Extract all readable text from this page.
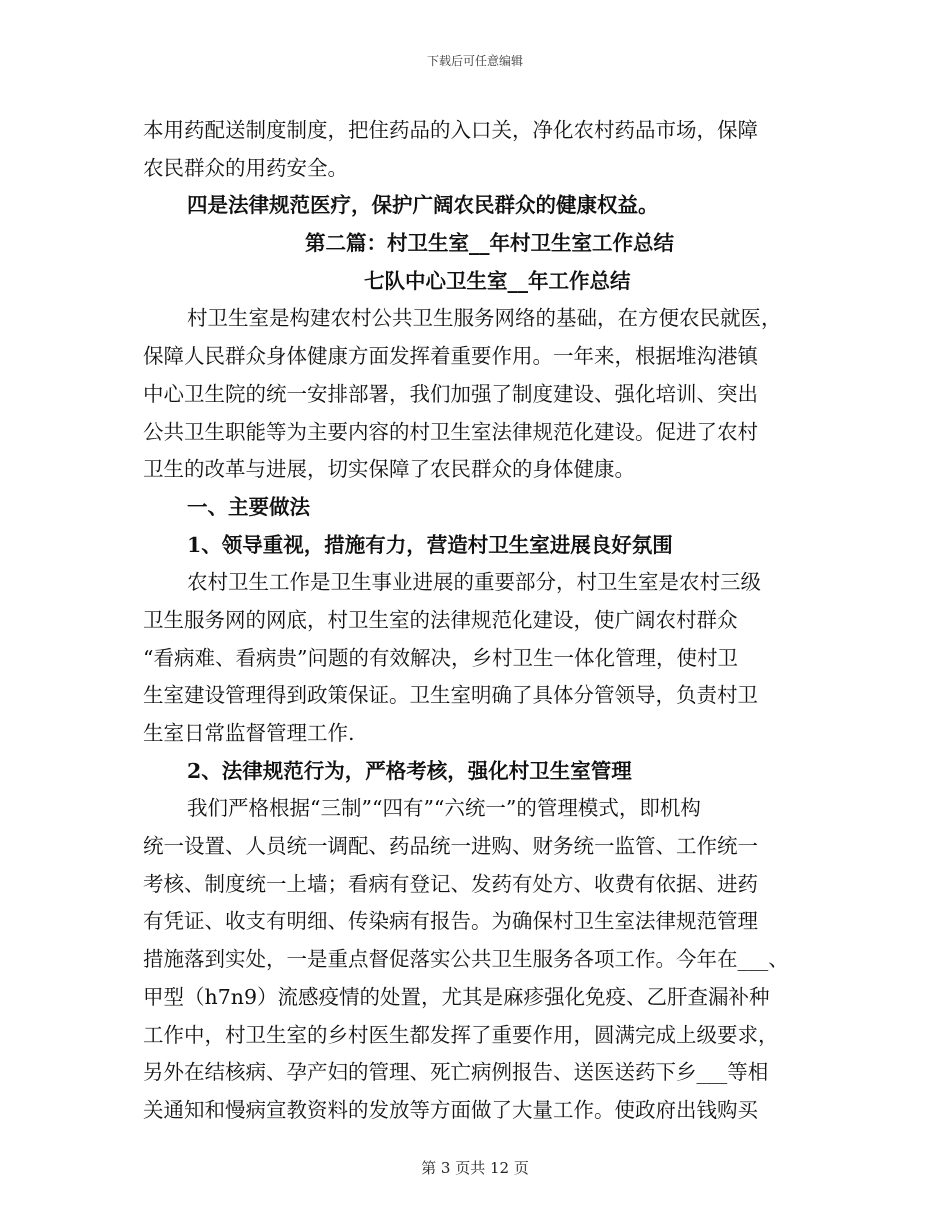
下载后可任意编辑
本用药配送制度制度，把住药品的入口关，净化农村药品市场，保障
农民群众的用药安全。
四是法律规范医疗，保护广阔农民群众的健康权益。
第二篇：村卫生室__年村卫生室工作总结
七队中心卫生室__年工作总结
村卫生室是构建农村公共卫生服务网络的基础，在方便农民就医，
保障人民群众身体健康方面发挥着重要作用。一年来，根据堆沟港镇
中心卫生院的统一安排部署，我们加强了制度建设、强化培训、突出
公共卫生职能等为主要内容的村卫生室法律规范化建设。促进了农村
卫生的改革与进展，切实保障了农民群众的身体健康。
一、主要做法
1、领导重视，措施有力，营造村卫生室进展良好氛围
农村卫生工作是卫生事业进展的重要部分，村卫生室是农村三级
卫生服务网的网底，村卫生室的法律规范化建设，使广阔农村群众
“看病难、看病贵”问题的有效解决，乡村卫生一体化管理，使村卫
生室建设管理得到政策保证。卫生室明确了具体分管领导，负责村卫
生室日常监督管理工作.
2、法律规范行为，严格考核，强化村卫生室管理
我们严格根据“三制”“四有”“六统一”的管理模式，即机构
统一设置、人员统一调配、药品统一进购、财务统一监管、工作统一
考核、制度统一上墙；看病有登记、发药有处方、收费有依据、进药
有凭证、收支有明细、传染病有报告。为确保村卫生室法律规范管理
措施落到实处，一是重点督促落实公共卫生服务各项工作。今年在___、
甲型（h7n9）流感疫情的处置，尤其是麻疹强化免疫、乙肝查漏补种
工作中，村卫生室的乡村医生都发挥了重要作用，圆满完成上级要求，
另外在结核病、孕产妇的管理、死亡病例报告、送医送药下乡___等相
关通知和慢病宣教资料的发放等方面做了大量工作。使政府出钱购买
第 3 页共 12 页
